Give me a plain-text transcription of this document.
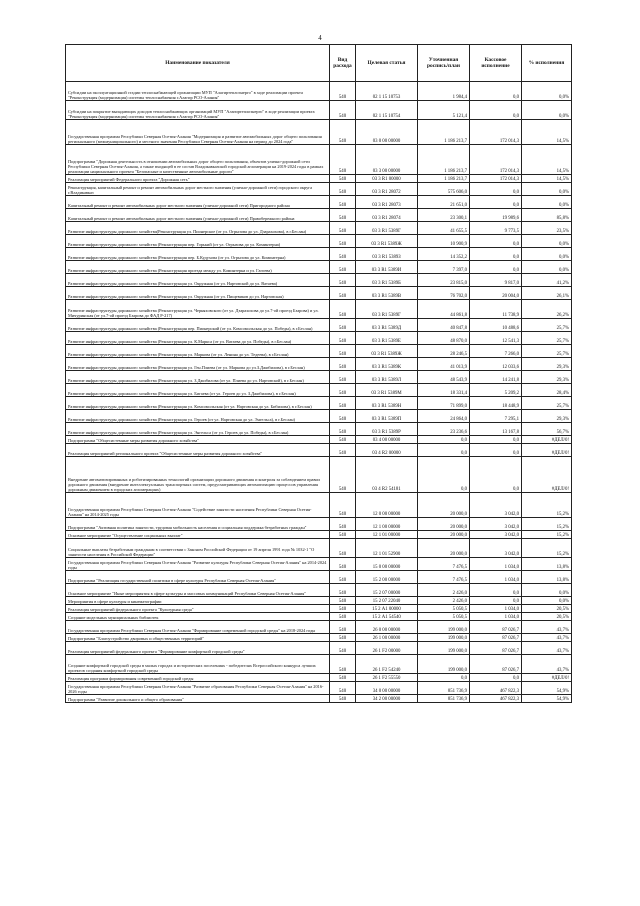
4
Наименование показателя	Вид расхода	Целевая статья	Уточненная роспись/план	Кассовое исполнение	% исполнения
Субсидии на эксплуатационной стадии теплоснабжающей организации МУП "Алагиртеплоэнерго" в ходе реализации проекта "Реконструкция (модернизация) системы теплоснабжения г.Алагир РСО-Алания"	540	02 1 15 10753	1 984,4	0,0	0,0%
Субсидии на покрытие выпадающих доходов теплоснабжающих организаций МУП "Алагиртеплоэнерго" в ходе реализации проекта "Реконструкция (модернизация) системы теплоснабжения г.Алагир РСО-Алания"	540	02 1 15 10754	5 121,4	0,0	0,0%
Государственная программа Республики Северная Осетия-Алания "Модернизация и развитие автомобильных дорог общего пользования регионального (межмуниципального) и местного значения Республики Северная Осетия-Алания на период до 2024 года"	540	03 0 00 00000	1 186 213,7	172 014,3	14,5%
Подпрограмма "Дорожная деятельность в отношении автомобильных дорог общего пользования, объектов улично-дорожной сети Республики Северная Осетия-Алания, а также входящей в ее состав Владикавказской городской агломерации на 2019-2024 годы в рамках реализации национального проекта "Безопасные и качественные автомобильные дороги"	540	03 3 00 00000	1 186 213,7	172 014,3	14,5%
Реализация мероприятий Федерального проекта "Дорожная сеть"	540	03 3 R1 00000	1 186 213,7	172 014,3	14,5%
Реконструкция, капитальный ремонт и ремонт автомобильных дорог местного значения (улично-дорожной сети) городского округа г.Владикавказ	540	03 3 R1 28072	575 606,0	0,0	0,0%
Капитальный ремонт и ремонт автомобильных дорог местного значения (улично-дорожной сети) Пригородного района	540	03 3 R1 28073	21 651,0	0,0	0,0%
Капитальный ремонт и ремонт автомобильных дорог местного значения (улично-дорожной сети) Правобережного района	540	03 3 R1 28074	23 300,1	19 989,6	85,8%
Развитие инфраструктуры дорожного хозяйства(Реконструкция ул. Пионерское (от ул. Огрызова до ул. Дзарахохова), в г.Беслан)	540	03 3 R1 5389Г	41 655,5	9 773,5	23,5%
Развитие инфраструктуры дорожного хозяйства (Реконструкция пер. Горький (от ул. Огрызова до ул. Коминтерна)	540	03 3 R1 5389Ж	10 900,9	0,0	0,0%
Развитие инфраструктуры дорожного хозяйства (Реконструкция пер. Б.Кудухова (от ул. Огрызова до ул. Коминтерна)	540	03 3 R1 5389З	14 352,2	0,0	0,0%
Развитие инфраструктуры дорожного хозяйства (Реконструкция проезда между ул. Коминтерна и ул. Гагоева)	540	03 3 R1 5389И	7 397,0	0,0	0,0%
Развитие инфраструктуры дорожного хозяйства (Реконструкция ул. Окружная (от ул. Нартовской до ул. Ватаева)	540	03 3 R1 5389Б	23 815,0	9 817,0	41,2%
Развитие инфраструктуры дорожного хозяйства (Реконструкция ул. Окружная (от ул. Пищевиков до ул. Нартовская)	540	03 3 R1 5389В	76 702,0	20 004,0	26,1%
Развитие инфраструктуры дорожного хозяйства (Реконструкция ул. Черняховского (от ул. Дзарахохова до ул.7-ой проезд Бзарова) и ул. Мичуринская (от ул.7-ой проезд Бзарова до ФАД Р-217)	540	03 3 R1 5389Г	44 861,8	11 738,9	26,2%
Развитие инфраструктуры дорожного хозяйства (Реконструкция пер. Пионерский (от ул. Комсомольская до ул. Победы), в г.Беслан)	540	03 3 R1 5389Д	40 847,8	10 488,6	25,7%
Развитие инфраструктуры дорожного хозяйства (Реконструкция ул. К.Маркса (от ул. Ватаева до ул. Победы), в г.Беслан)	540	03 3 R1 5389Е	48 870,0	12 541,3	25,7%
Развитие инфраструктуры дорожного хозяйства (Реконструкция ул. Маркова (от ул. Ленина до ул. Тедеева), в г.Беслан)	540	03 3 R1 5389Ж	28 246,5	7 266,0	25,7%
Развитие инфраструктуры дорожного хозяйства (Реконструкция ул. Ген.Плиева (от ул. Маркова до ул.З.Джибилова), в г.Беслан)	540	03 3 R1 5389К	41 013,9	12 033,6	29,3%
Развитие инфраструктуры дорожного хозяйства (Реконструкция ул. З.Джибилова (от ул. Плиева до ул. Нартовской), в г.Беслан)	540	03 3 R1 5389Л	48 543,9	14 241,8	29,3%
Развитие инфраструктуры дорожного хозяйства (Реконструкция ул. Бигаева (от ул. Героев до ул. З.Джибилова), в г.Беслан)	540	03 3 R1 5389М	18 331,4	5 209,2	28,4%
Развитие инфраструктуры дорожного хозяйства (Реконструкция ул. Комсомольская (от ул. Нартовская до ул. Бибилова), в г.Беслан)	540	03 3 R1 5389Н	71 899,0	18 448,9	25,7%
Развитие инфраструктуры дорожного хозяйства (Реконструкция ул. Героев (от ул. Нартовская до ул. Энгельса), в г.Беслан)	540	03 3 R1 5389П	24 864,0	7 295,1	29,3%
Развитие инфраструктуры дорожного хозяйства (Реконструкция ул. Энгельса (от ул. Героев до ул. Победы), в г.Беслан)	540	03 3 R1 5389Р	23 236,6	13 167,8	56,7%
Подпрограмма "Общесистемные меры развития дорожного хозяйства"	540	03 4 00 00000	0,0	0,0	#ДЕЛ/0!
Реализация мероприятий регионального проекта "Общесистемные меры развития дорожного хозяйства"	540	03 4 R2 00000	0,0	0,0	#ДЕЛ/0!
Внедрение автоматизированных и роботизированных технологий организации дорожного движения и контроля за соблюдением правил дорожного движения (внедрение интеллектуальных транспортных систем, предусматривающих автоматизацию процессов управления дорожным движением в городских агломерациях)	540	03 4 R2 54181	0,0	0,0	#ДЕЛ/0!
Государственная программа Республики Северная Осетия-Алания "Содействие занятости населения Республики Северная Осетия-Алания" на 2014-2025 годы	540	12 0 00 00000	20 000,0	3 042,0	15,2%
Подпрограмма "Активная политика занятости, трудовая мобильность населения и социальная поддержка безработных граждан"	540	12 1 00 00000	20 000,0	3 042,0	15,2%
Основное мероприятие "Осуществление социальных выплат"	540	12 1 01 00000	20 000,0	3 042,0	15,2%
Социальные выплаты безработным гражданам в соответствии с Законом Российской Федерации от 19 апреля 1991 года № 1032-1 "О занятости населения в Российской Федерации"	540	12 1 01 52900	20 000,0	3 042,0	15,2%
Государственная программа Республики Северная Осетия-Алания "Развитие культуры Республики Северная Осетия-Алания" на 2014-2024 годы	540	15 0 00 00000	7 476,5	1 034,0	13,8%
Подпрограмма "Реализация государственной политики в сфере культуры Республики Северная Осетия-Алания"	540	15 2 00 00000	7 476,5	1 034,0	13,8%
Основное мероприятие "Иные мероприятия в сфере культуры и массовых коммуникаций Республики Северная Осетия-Алания"	540	15 2 07 00000	2 426,0	0,0	0,0%
Мероприятия в сфере культуры и кинематографии	540	15 2 07 22040	2 426,0	0,0	0,0%
Реализация мероприятий федерального проекта "Культурная среда"	540	15 2 А1 00000	5 050,5	1 034,0	20,5%
Создание модельных муниципальных библиотек	540	15 2 А1 54540	5 050,5	1 034,0	20,5%
Государственная программа Республики Северная Осетия-Алания "Формирование современной городской среды" на 2018-2024 годы	540	26 0 00 00000	199 000,0	87 026,7	43,7%
Подпрограмма "Благоустройство дворовых и общественных территорий"	540	26 1 00 00000	199 000,0	87 026,7	43,7%
Реализация мероприятий федерального проекта "Формирование комфортной городской среды"	540	26 1 F2 00000	199 000,0	87 026,7	43,7%
Создание комфортной городской среды в малых городах и исторических поселениях - победителях Всероссийского конкурса лучших проектов создания комфортной городской среды	540	26 1 F2 54240	199 000,0	87 026,7	43,7%
Реализация программ формирования современной городской среды	540	26 1 F2 55550	0,0	0,0	#ДЕЛ/0!
Государственная программа Республики Северная Осетия-Алания "Развитие образования Республики Северная Осетия-Алания" на 2016-2026 годы	540	34 0 00 00000	851 736,9	467 822,3	54,9%
Подпрограмма "Развитие дошкольного и общего образования"	540	34 2 00 00000	851 736,9	467 822,3	54,9%
